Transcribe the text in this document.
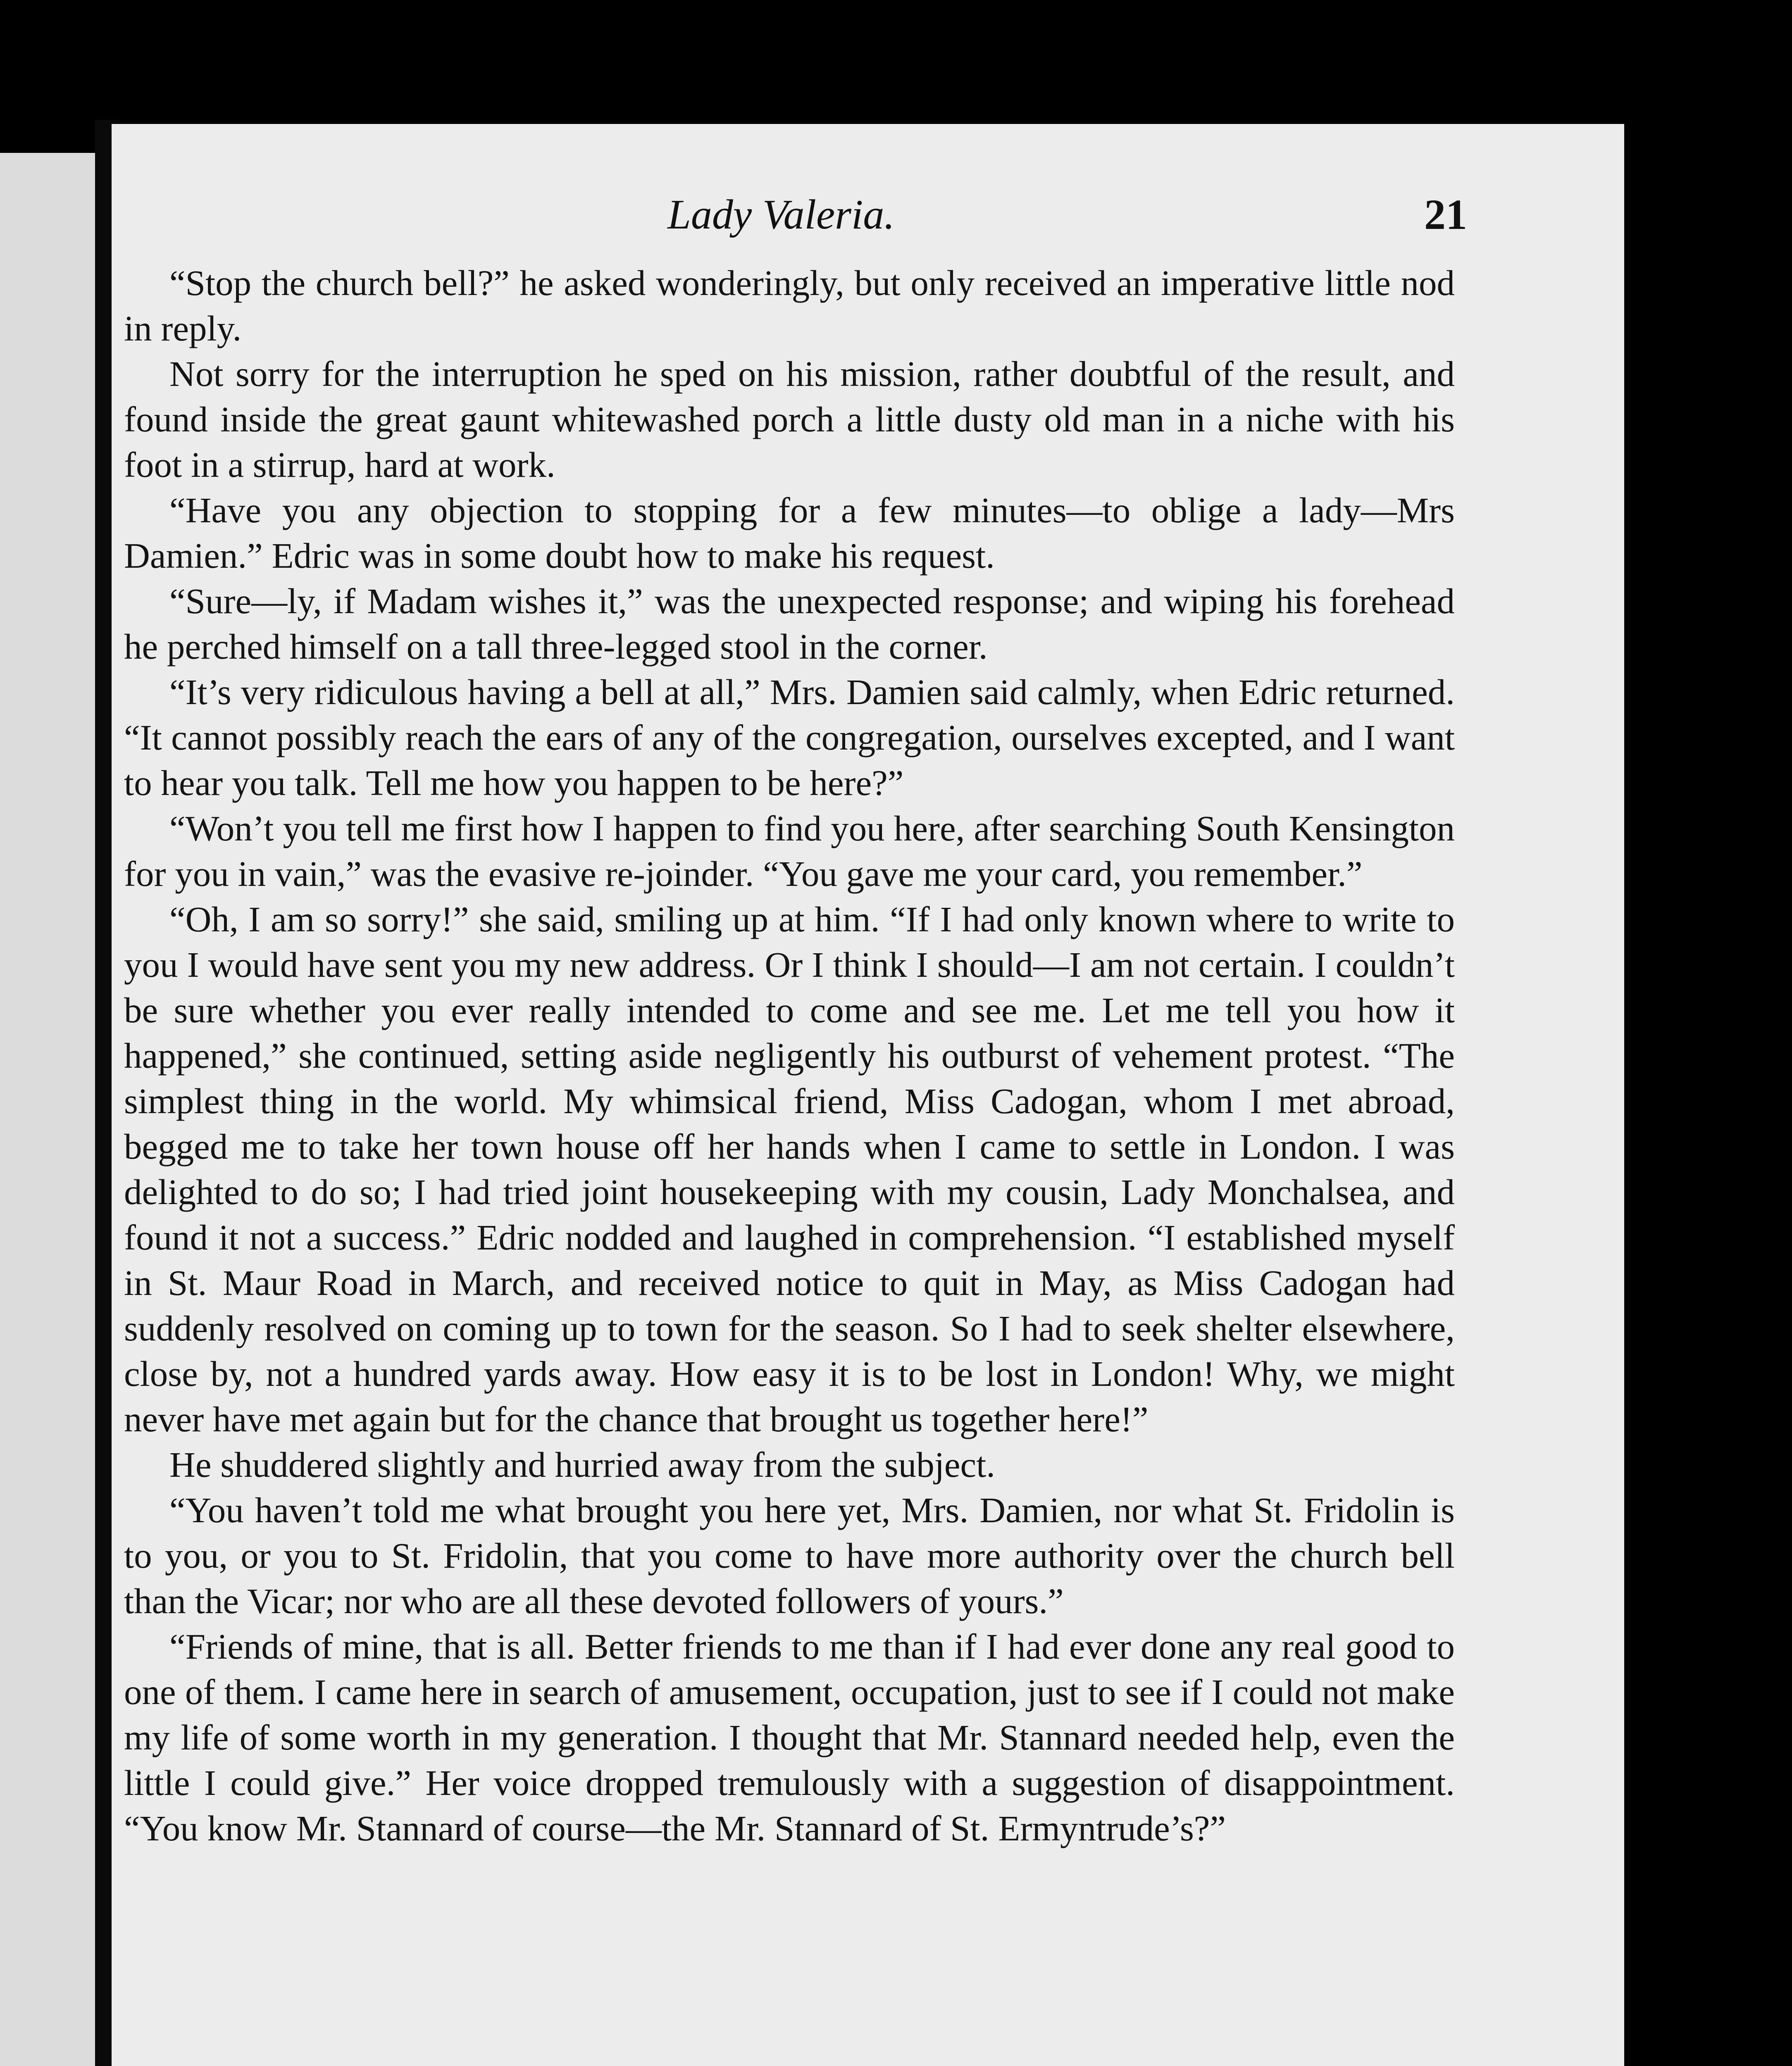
Lady Valeria.	21

“Stop the church bell?” he asked wonderingly, but only received an imperative little nod in reply.

Not sorry for the interruption he sped on his mission, rather doubtful of the result, and found inside the great gaunt whitewashed porch a little dusty old man in a niche with his foot in a stirrup, hard at work.

“Have you any objection to stopping for a few minutes—to oblige a lady—Mrs Damien.” Edric was in some doubt how to make his request.

“Sure—ly, if Madam wishes it,” was the unexpected response; and wiping his forehead he perched himself on a tall three-legged stool in the corner.

“It’s very ridiculous having a bell at all,” Mrs. Damien said calmly, when Edric returned. “It cannot possibly reach the ears of any of the congregation, ourselves excepted, and I want to hear you talk. Tell me how you happen to be here?”

“Won’t you tell me first how I happen to find you here, after searching South Kensington for you in vain,” was the evasive re-joinder. “You gave me your card, you remember.”

“Oh, I am so sorry!” she said, smiling up at him. “If I had only known where to write to you I would have sent you my new address. Or I think I should—I am not certain. I couldn’t be sure whether you ever really intended to come and see me. Let me tell you how it happened,” she continued, setting aside negligently his outburst of vehement protest. “The simplest thing in the world. My whimsical friend, Miss Cadogan, whom I met abroad, begged me to take her town house off her hands when I came to settle in London. I was delighted to do so; I had tried joint housekeeping with my cousin, Lady Monchalsea, and found it not a success.” Edric nodded and laughed in comprehension. “I established myself in St. Maur Road in March, and received notice to quit in May, as Miss Cadogan had suddenly resolved on coming up to town for the season. So I had to seek shelter elsewhere, close by, not a hundred yards away. How easy it is to be lost in London! Why, we might never have met again but for the chance that brought us together here!”

He shuddered slightly and hurried away from the subject.

“You haven’t told me what brought you here yet, Mrs. Damien, nor what St. Fridolin is to you, or you to St. Fridolin, that you come to have more authority over the church bell than the Vicar; nor who are all these devoted followers of yours.”

“Friends of mine, that is all. Better friends to me than if I had ever done any real good to one of them. I came here in search of amusement, occupation, just to see if I could not make my life of some worth in my generation. I thought that Mr. Stannard needed help, even the little I could give.” Her voice dropped tremulously with a suggestion of disappointment. “You know Mr. Stannard of course—the Mr. Stannard of St. Ermyntrude’s?”
